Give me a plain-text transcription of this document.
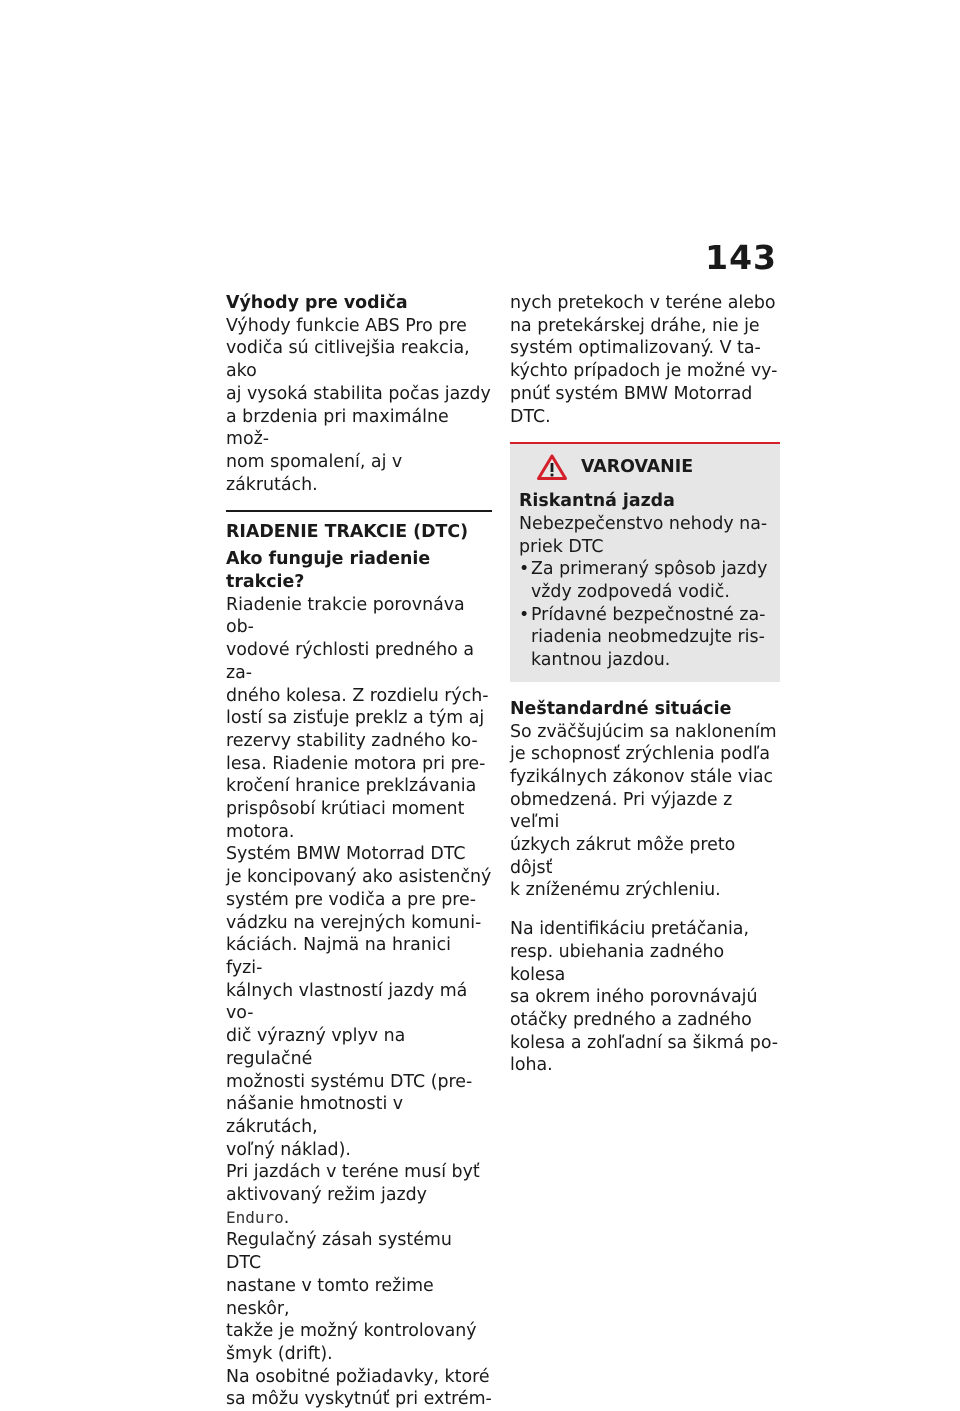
143

Výhody pre vodiča

Výhody funkcie ABS Pro pre

vodiča sú citlivejšia reakcia, ako

aj vysoká stabilita počas jazdy

a brzdenia pri maximálne mož-

nom spomalení, aj v zákrutách.

RIADENIE TRAKCIE (DTC)

Ako funguje riadenie trakcie?

Riadenie trakcie porovnáva ob-

vodové rýchlosti predného a za-

dného kolesa. Z rozdielu rých-

lostí sa zisťuje preklz a tým aj

rezervy stability zadného ko-

lesa. Riadenie motora pri pre-

kročení hranice preklzávania

prispôsobí krútiaci moment

motora.

Systém BMW Motorrad DTC

je koncipovaný ako asistenčný

systém pre vodiča a pre pre-

vádzku na verejných komuni-

káciách. Najmä na hranici fyzi-

kálnych vlastností jazdy má vo-

dič výrazný vplyv na regulačné

možnosti systému DTC (pre-

nášanie hmotnosti v zákrutách,

voľný náklad).

Pri jazdách v teréne musí byť

aktivovaný režim jazdy Enduro.

Regulačný zásah systému DTC

nastane v tomto režime neskôr,

takže je možný kontrolovaný

šmyk (drift).

Na osobitné požiadavky, ktoré

sa môžu vyskytnúť pri extrém-

nych pretekoch v teréne alebo

na pretekárskej dráhe, nie je

systém optimalizovaný. V ta-

kýchto prípadoch je možné vy-

pnúť systém BMW Motorrad

DTC.

VAROVANIE

Riskantná jazda

Nebezpečenstvo nehody na-

priek DTC

• Za primeraný spôsob jazdy

vždy zodpovedá vodič.

• Prídavné bezpečnostné za-

riadenia neobmedzujte ris-

kantnou jazdou.

Neštandardné situácie

So zväčšujúcim sa naklonením

je schopnosť zrýchlenia podľa

fyzikálnych zákonov stále viac

obmedzená. Pri výjazde z veľmi

úzkych zákrut môže preto dôjsť

k zníženému zrýchleniu.

Na identifikáciu pretáčania,

resp. ubiehania zadného kolesa

sa okrem iného porovnávajú

otáčky predného a zadného

kolesa a zohľadní sa šikmá po-

loha.
